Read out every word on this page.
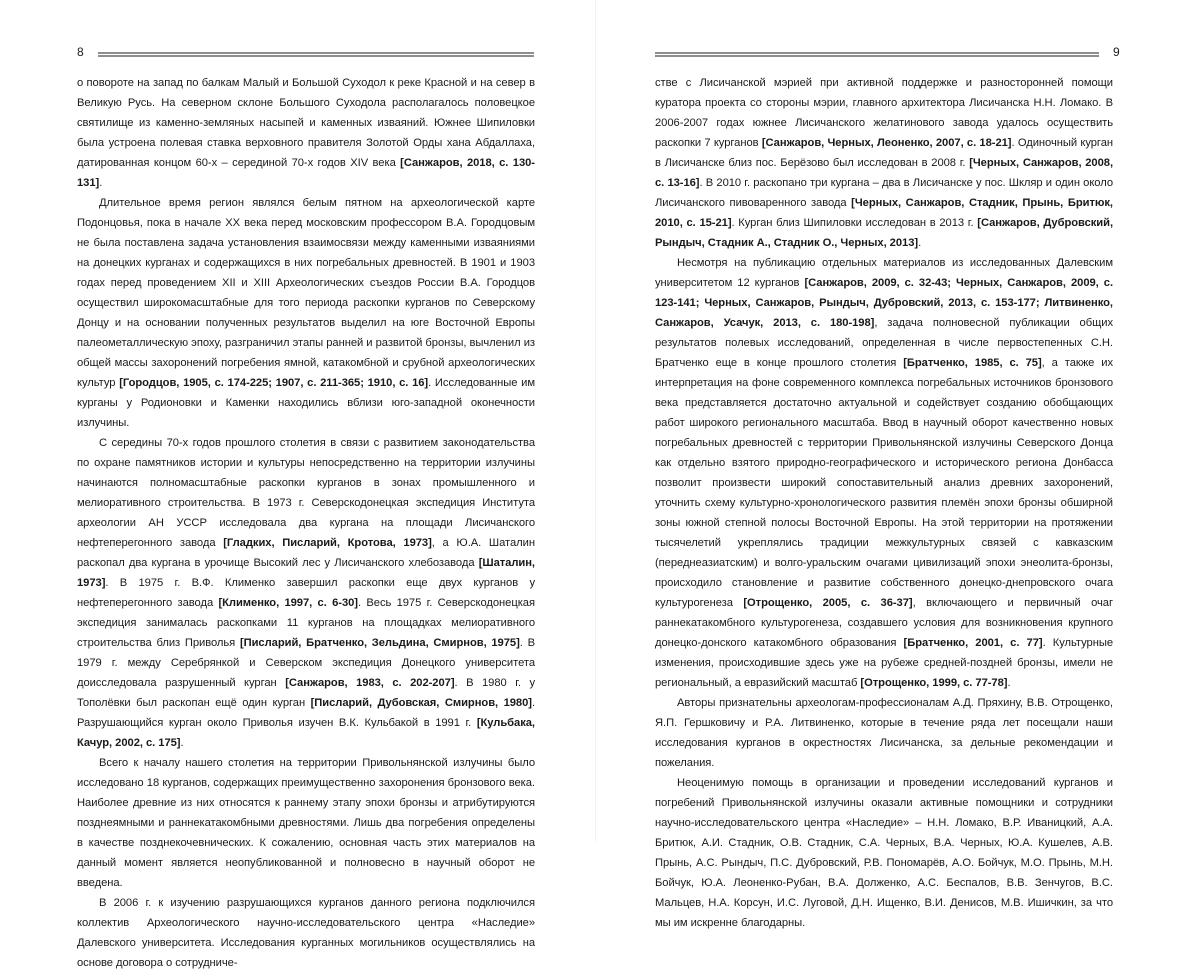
8

о повороте на запад по балкам Малый и Большой Суходол к реке Красной и на север в Великую Русь. На северном склоне Большого Суходола располагалось половецкое святилище из каменно-земляных насыпей и каменных изваяний. Южнее Шипиловки была устроена полевая ставка верховного правителя Золотой Орды хана Абдаллаха, датированная концом 60-х – серединой 70-х годов XIV века [Санжаров, 2018, с. 130-131].

Длительное время регион являлся белым пятном на археологической карте Подонцовья, пока в начале XX века перед московским профессором В.А. Городцовым не была поставлена задача установления взаимосвязи между каменными изваяниями на донецких курганах и содержащихся в них погребальных древностей. В 1901 и 1903 годах перед проведением XII и XIII Археологических съездов России В.А. Городцов осуществил широкомасштабные для того периода раскопки курганов по Северскому Донцу и на основании полученных результатов выделил на юге Восточной Европы палеометаллическую эпоху, разграничил этапы ранней и развитой бронзы, вычленил из общей массы захоронений погребения ямной, катакомбной и срубной археологических культур [Городцов, 1905, с. 174-225; 1907, с. 211-365; 1910, с. 16]. Исследованные им курганы у Родионовки и Каменки находились вблизи юго-западной оконечности излучины.

С середины 70-х годов прошлого столетия в связи с развитием законодательства по охране памятников истории и культуры непосредственно на территории излучины начинаются полномасштабные раскопки курганов в зонах промышленного и мелиоративного строительства. В 1973 г. Северскодонецкая экспедиция Института археологии АН УССР исследовала два кургана на площади Лисичанского нефтеперегонного завода [Гладких, Писларий, Кротова, 1973], а Ю.А. Шаталин раскопал два кургана в урочище Высокий лес у Лисичанского хлебозавода [Шаталин, 1973]. В 1975 г. В.Ф. Клименко завершил раскопки еще двух курганов у нефтеперегонного завода [Клименко, 1997, с. 6-30]. Весь 1975 г. Северскодонецкая экспедиция занималась раскопками 11 курганов на площадках мелиоративного строительства близ Приволья [Писларий, Братченко, Зельдина, Смирнов, 1975]. В 1979 г. между Серебрянкой и Северском экспедиция Донецкого университета доисследовала разрушенный курган [Санжаров, 1983, с. 202-207]. В 1980 г. у Тополёвки был раскопан ещё один курган [Писларий, Дубовская, Смирнов, 1980]. Разрушающийся курган около Приволья изучен В.К. Кульбакой в 1991 г. [Кульбака, Качур, 2002, с. 175].

Всего к началу нашего столетия на территории Привольнянской излучины было исследовано 18 курганов, содержащих преимущественно захоронения бронзового века. Наиболее древние из них относятся к раннему этапу эпохи бронзы и атрибутируются позднеямными и раннекатакомбными древностями. Лишь два погребения определены в качестве позднекочевнических. К сожалению, основная часть этих материалов на данный момент является неопубликованной и полновесно в научный оборот не введена.

В 2006 г. к изучению разрушающихся курганов данного региона подключился коллектив Археологического научно-исследовательского центра «Наследие» Далевского университета. Исследования курганных могильников осуществлялись на основе договора о сотрудниче-

9

стве с Лисичанской мэрией при активной поддержке и разносторонней помощи куратора проекта со стороны мэрии, главного архитектора Лисичанска Н.Н. Ломако. В 2006-2007 годах южнее Лисичанского желатинового завода удалось осуществить раскопки 7 курганов [Санжаров, Черных, Леоненко, 2007, с. 18-21]. Одиночный курган в Лисичанске близ пос. Берёзово был исследован в 2008 г. [Черных, Санжаров, 2008, с. 13-16]. В 2010 г. раскопано три кургана – два в Лисичанске у пос. Шкляр и один около Лисичанского пивоваренного завода [Черных, Санжаров, Стадник, Прынь, Бритюк, 2010, с. 15-21]. Курган близ Шипиловки исследован в 2013 г. [Санжаров, Дубровский, Рындыч, Стадник А., Стадник О., Черных, 2013].

Несмотря на публикацию отдельных материалов из исследованных Далевским университетом 12 курганов [Санжаров, 2009, с. 32-43; Черных, Санжаров, 2009, с. 123-141; Черных, Санжаров, Рындыч, Дубровский, 2013, с. 153-177; Литвиненко, Санжаров, Усачук, 2013, с. 180-198], задача полновесной публикации общих результатов полевых исследований, определенная в числе первостепенных С.Н. Братченко еще в конце прошлого столетия [Братченко, 1985, с. 75], а также их интерпретация на фоне современного комплекса погребальных источников бронзового века представляется достаточно актуальной и содействует созданию обобщающих работ широкого регионального масштаба. Ввод в научный оборот качественно новых погребальных древностей с территории Привольнянской излучины Северского Донца как отдельно взятого природно-географического и исторического региона Донбасса позволит произвести широкий сопоставительный анализ древних захоронений, уточнить схему культурно-хронологического развития племён эпохи бронзы обширной зоны южной степной полосы Восточной Европы. На этой территории на протяжении тысячелетий укреплялись традиции межкультурных связей с кавказским (переднеазиатским) и волго-уральским очагами цивилизаций эпохи энеолита-бронзы, происходило становление и развитие собственного донецко-днепровского очага культурогенеза [Отрощенко, 2005, с. 36-37], включающего и первичный очаг раннекатакомбного культурогенеза, создавшего условия для возникновения крупного донецко-донского катакомбного образования [Братченко, 2001, с. 77]. Культурные изменения, происходившие здесь уже на рубеже средней-поздней бронзы, имели не региональный, а евразийский масштаб [Отрощенко, 1999, с. 77-78].

Авторы признательны археологам-профессионалам А.Д. Пряхину, В.В. Отрощенко, Я.П. Гершковичу и Р.А. Литвиненко, которые в течение ряда лет посещали наши исследования курганов в окрестностях Лисичанска, за дельные рекомендации и пожелания.

Неоценимую помощь в организации и проведении исследований курганов и погребений Привольнянской излучины оказали активные помощники и сотрудники научно-исследовательского центра «Наследие» – Н.Н. Ломако, В.Р. Иваницкий, А.А. Бритюк, А.И. Стадник, О.В. Стадник, С.А. Черных, В.А. Черных, Ю.А. Кушелев, А.В. Прынь, А.С. Рындыч, П.С. Дубровский, Р.В. Пономарёв, А.О. Бойчук, М.О. Прынь, М.Н. Бойчук, Ю.А. Леоненко-Рубан, В.А. Долженко, А.С. Беспалов, В.В. Зенчугов, В.С. Мальцев, Н.А. Корсун, И.С. Луговой, Д.Н. Ищенко, В.И. Денисов, М.В. Ишичкин, за что мы им искренне благодарны.
